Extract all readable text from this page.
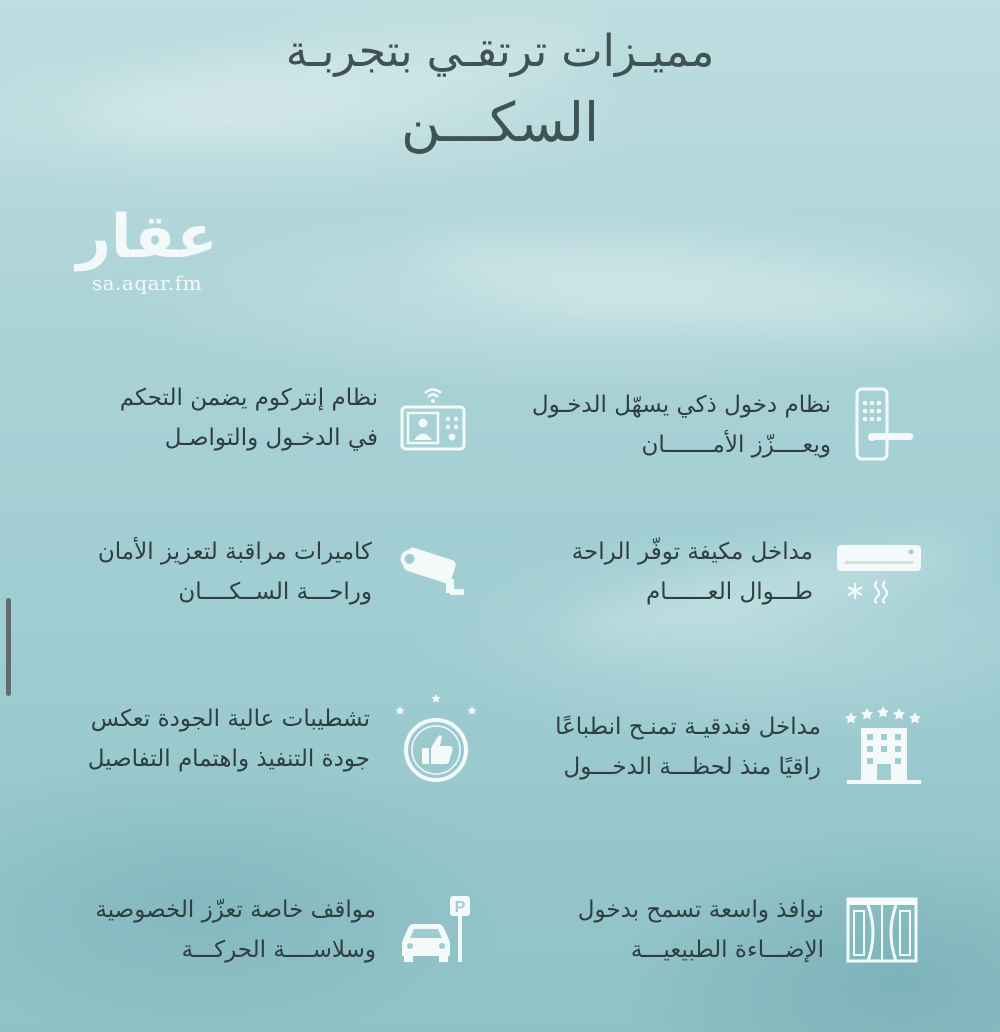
مميـزات ترتقـي بتجربـة
السكـــن
عقار
sa.aqar.fm
نظام دخول ذكي يسهّل الدخـول
ويعــــزّز الأمـــــــان
نظام إنتركوم يضمن التحكم
في الدخـول والتواصـل
مداخل مكيفة توفّر الراحة
طـــوال العــــــام
كاميرات مراقبة لتعزيز الأمان
وراحـــة الســكــــان
مداخل فندقيـة تمنـح انطباعًا
راقيًا منذ لحظـــة الدخـــول
تشطيبات عالية الجودة تعكس
جودة التنفيذ واهتمام التفاصيل
نوافذ واسعة تسمح بدخول
الإضـــاءة الطبيعيـــة
P
مواقف خاصة تعزّز الخصوصية
وسلاســــة الحركـــة
